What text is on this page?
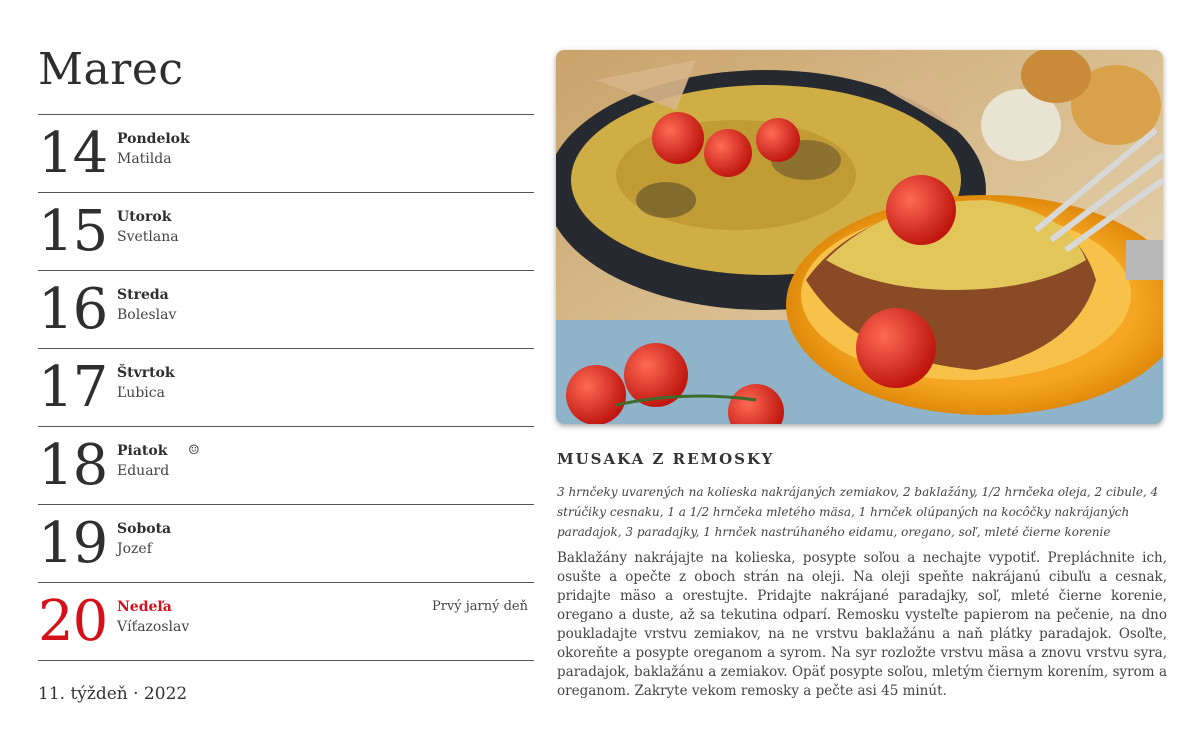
Marec
14 Pondelok
Matilda
15 Utorok
Svetlana
16 Streda
Boleslav
17 Štvrtok
Ľubica
18 Piatok ☺
Eduard
19 Sobota
Jozef
20 Nedeľa	Prvý jarný deň
Víťazoslav
11. týždeň · 2022
MUSAKA Z REMOSKY
3 hrnčeky uvarených na kolieska nakrájaných zemiakov, 2 baklažány, 1/2 hrnčeka oleja, 2 cibule, 4 strúčiky cesnaku, 1 a 1/2 hrnčeka mletého mäsa, 1 hrnček olúpaných na kocôčky nakrájaných paradajok, 3 paradajky, 1 hrnček nastrúhaného eidamu, oregano, soľ, mleté čierne korenie
Baklažány nakrájajte na kolieska, posypte soľou a nechajte vypotiť. Prepláchnite ich, osušte a opečte z oboch strán na oleji. Na oleji speňte nakrájanú cibuľu a cesnak, pridajte mäso a orestujte. Pridajte nakrájané paradajky, soľ, mleté čierne korenie, oregano a duste, až sa tekutina odparí. Remosku vysteľte papierom na pečenie, na dno poukladajte vrstvu zemiakov, na ne vrstvu baklažánu a naň plátky paradajok. Osoľte, okoreňte a posypte oreganom a syrom. Na syr rozložte vrstvu mäsa a znovu vrstvu syra, paradajok, baklažánu a zemiakov. Opäť posypte soľou, mletým čiernym korením, syrom a oreganom. Zakryte vekom remosky a pečte asi 45 minút.
